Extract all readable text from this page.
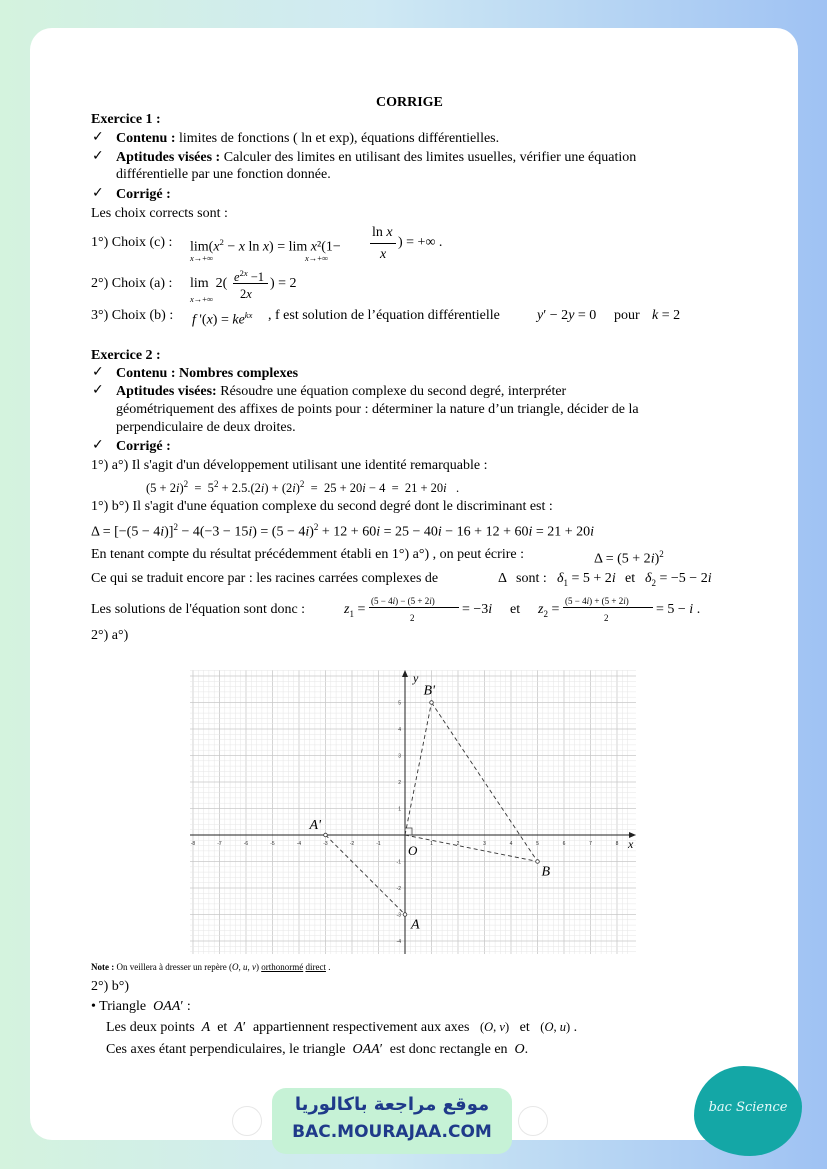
CORRIGE
Exercice 1 :
✓ Contenu : limites de fonctions ( ln et exp), équations différentielles.
✓ Aptitudes visées : Calculer des limites en utilisant des limites usuelles, vérifier une équation
différentielle par une fonction donnée.
✓ Corrigé :
Les choix corrects sont :
1°) Choix (c) : $\lim(x^2 - x$ ln x) = lim x²(1−
x→+∞	x→+∞
ln x
x
) = +∞ .
2°) Choix (a) : lim  2(
x→+∞
$e^{2x} -1$
2x
) = 2
3°) Choix (b) : f '$(x) = ke^{kx}$ , f est solution de l’équation différentielle	y′ − 2y = 0 pour k = 2
Exercice 2 :
✓ Contenu : Nombres complexes
✓ Aptitudes visées: Résoudre une équation complexe du second degré, interpréter
géométriquement des affixes de points pour : déterminer la nature d’un triangle, décider de la
perpendiculaire de deux droites.
✓ Corrigé :
1°) a°) Il s'agit d'un développement utilisant une identité remarquable :
$(5 + 2i)^2 = 5^2 + 2.5.(2i) + (2i)^2 = 25 + 20i - 4 = 21 + 20i$   .
1°) b°) Il s'agit d'une équation complexe du second degré dont le discriminant est :
$\Delta = [-(5 - 4i)]^2 - 4(-3 - 15i) = (5 - 4i)^2 + 12 + 60i = 25 - 40i - 16 + 12 + 60i = 21 + 20i$
En tenant compte du résultat précédemment établi en 1°) a°) , on peut écrire :	$\Delta = (5 + 2i)^2$
Ce qui se traduit encore par : les racines carrées complexes de	Δ sont : $\delta_1 = 5 + 2i$ et $\delta_2 = -5 - 2i$
Les solutions de l'équation sont donc :	$z_1$ =
(5 − 4i) − (5 + 2i)
2
= −3i et $z_2$ =
(5 − 4i) + (5 + 2i)
2
= 5 − i .
2°) a°)
-8	-7	-6	-5	-4	-3	-2	-1	1	2	3	4	5	6	7	8
5
4
3
2
1
-1
-2
-3
-4
x
y
O
A
A'
B
B'
Note : On veillera à dresser un repère (O, u, v) orthonormé direct .
2°) b°)
• Triangle OAA′ :
Les deux points A  et  A′  appartiennent respectivement aux axes (O, v)   et   (O, u) .
Ces axes étant perpendiculaires, le triangle OAA′  est donc rectangle en O.
موقع مراجعة باكالوريا
BAC.MOURAJAA.COM
bac Science
